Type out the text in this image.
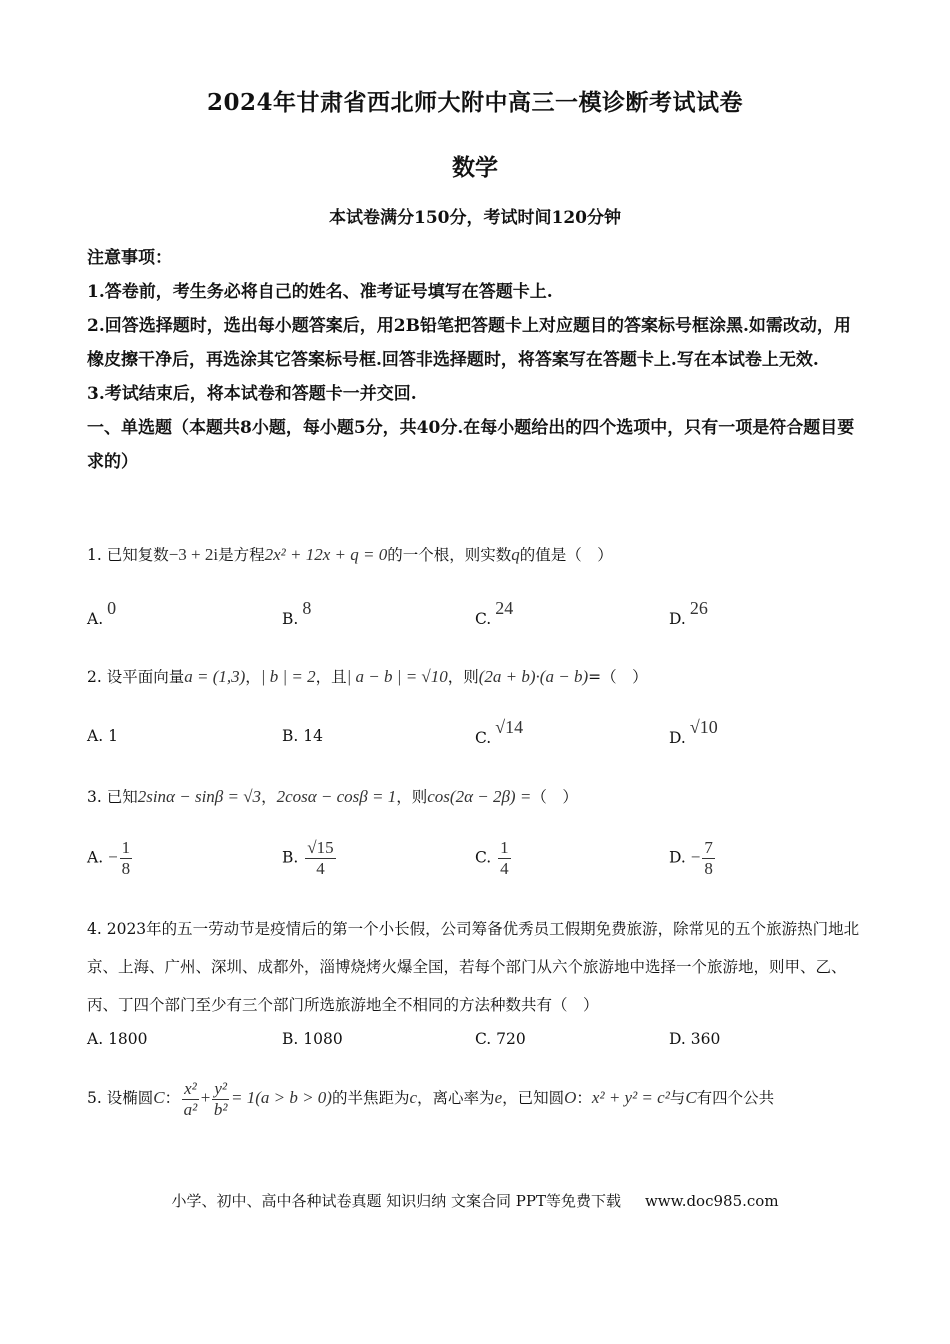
2024年甘肃省西北师大附中高三一模诊断考试试卷
数学
本试卷满分150分，考试时间120分钟

注意事项：

1.答卷前，考生务必将自己的姓名、准考证号填写在答题卡上.

2.回答选择题时，选出每小题答案后，用2B铅笔把答题卡上对应题目的答案标号框涂黑.如需改动，用橡皮擦干净后，再选涂其它答案标号框.回答非选择题时，将答案写在答题卡上.写在本试卷上无效.

3.考试结束后，将本试卷和答题卡一并交回.

一、单选题（本题共8小题，每小题5分，共40分.在每小题给出的四个选项中，只有一项是符合题目要求的）

1. 已知复数−3 + 2i是方程2x² + 12x + q = 0的一个根，则实数q的值是（　）
A.0
B.8
C.24
D.26
2. 设平面向量a = (1,3)，| b | = 2，且| a − b | = √10，则(2a + b)·(a − b)=（　）
A. 1	B. 14	C.√14
D.√10
3. 已知2sinα − sinβ = √3，2cosα − cosβ = 1，则cos(2α − 2β) =（　）
A. − $\frac{1}{8}$	B. $\frac{√15}{4}$	C. $\frac{1}{4}$	D. − $\frac{7}{8}$
4. 2023年的五一劳动节是疫情后的第一个小长假，公司筹备优秀员工假期免费旅游，除常见的五个旅游热门地北京、上海、广州、深圳、成都外，淄博烧烤火爆全国，若每个部门从六个旅游地中选择一个旅游地，则甲、乙、丙、丁四个部门至少有三个部门所选旅游地全不相同的方法种数共有（　）
A. 1800	B. 1080	C. 720	D. 360
5. 设椭圆C： $\frac{\text{x²}}{\text{a²}} + \frac{\text{y²}}{\text{b²}} = 1(a > b > 0)$的半焦距为c，离心率为e，已知圆O：x² + y² = c²与C有四个公共
小学、初中、高中各种试卷真题 知识归纳 文案合同 PPT等免费下载 www.doc985.com
